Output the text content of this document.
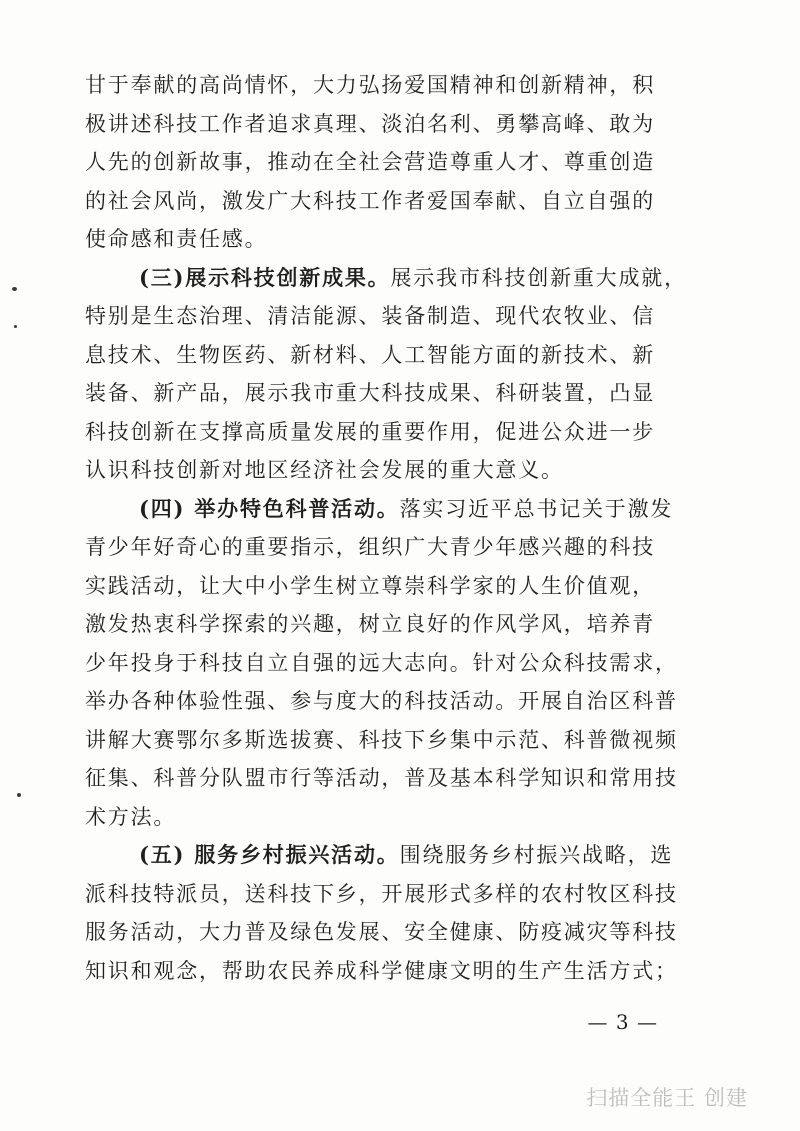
甘于奉献的高尚情怀，大力弘扬爱国精神和创新精神，积
极讲述科技工作者追求真理、淡泊名利、勇攀高峰、敢为
人先的创新故事，推动在全社会营造尊重人才、尊重创造
的社会风尚，激发广大科技工作者爱国奉献、自立自强的
使命感和责任感。
(三)展示科技创新成果。展示我市科技创新重大成就，
特别是生态治理、清洁能源、装备制造、现代农牧业、信
息技术、生物医药、新材料、人工智能方面的新技术、新
装备、新产品，展示我市重大科技成果、科研装置，凸显
科技创新在支撑高质量发展的重要作用，促进公众进一步
认识科技创新对地区经济社会发展的重大意义。
(四) 举办特色科普活动。落实习近平总书记关于激发
青少年好奇心的重要指示，组织广大青少年感兴趣的科技
实践活动，让大中小学生树立尊崇科学家的人生价值观，
激发热衷科学探索的兴趣，树立良好的作风学风，培养青
少年投身于科技自立自强的远大志向。针对公众科技需求，
举办各种体验性强、参与度大的科技活动。开展自治区科普
讲解大赛鄂尔多斯选拔赛、科技下乡集中示范、科普微视频
征集、科普分队盟市行等活动，普及基本科学知识和常用技
术方法。
(五) 服务乡村振兴活动。围绕服务乡村振兴战略，选
派科技特派员，送科技下乡，开展形式多样的农村牧区科技
服务活动，大力普及绿色发展、安全健康、防疫减灾等科技
知识和观念，帮助农民养成科学健康文明的生产生活方式；
— 3 —
扫描全能王 创建
